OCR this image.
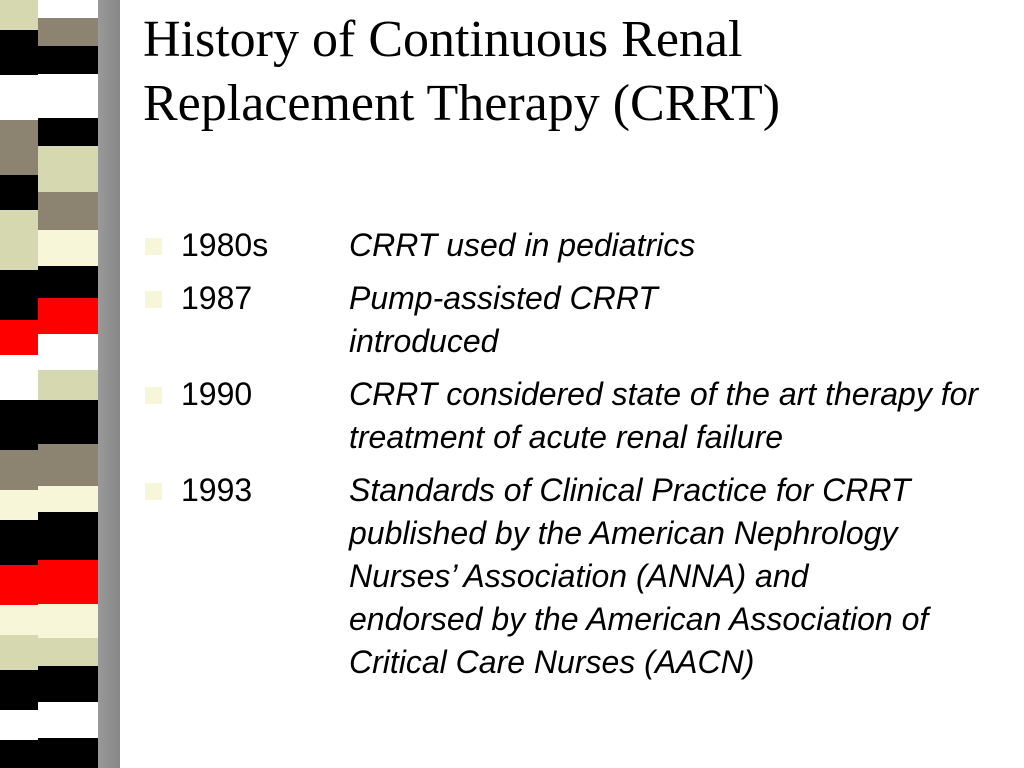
History of Continuous Renal
Replacement Therapy (CRRT)
1980s	CRRT used in pediatrics
1987	Pump-assisted CRRT introduced
1990	CRRT considered state of the art therapy for treatment of acute renal failure
1993	Standards of Clinical Practice for CRRT published by the American Nephrology Nurses’ Association (ANNA) and endorsed by the American Association of Critical Care Nurses (AACN)
